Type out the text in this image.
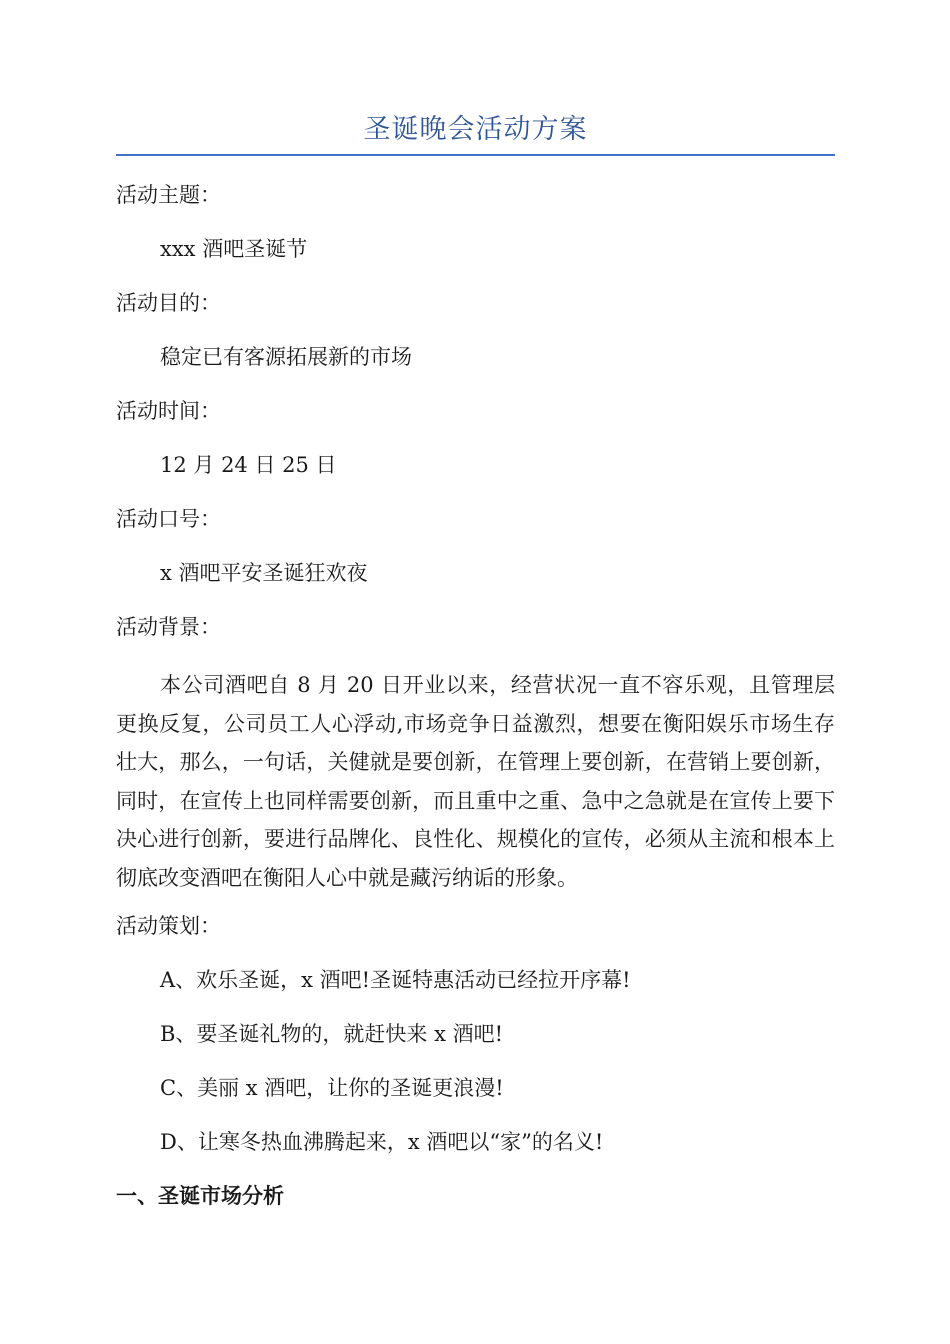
圣诞晚会活动方案
活动主题：
xxx 酒吧圣诞节
活动目的：
稳定已有客源拓展新的市场
活动时间：
12 月 24 日 25 日
活动口号：
x 酒吧平安圣诞狂欢夜
活动背景：
本公司酒吧自 8 月 20 日开业以来，经营状况一直不容乐观，且管理层更换反复，公司员工人心浮动,市场竞争日益激烈，想要在衡阳娱乐市场生存壮大，那么，一句话，关健就是要创新，在管理上要创新，在营销上要创新，同时，在宣传上也同样需要创新，而且重中之重、急中之急就是在宣传上要下决心进行创新，要进行品牌化、良性化、规模化的宣传，必须从主流和根本上彻底改变酒吧在衡阳人心中就是藏污纳诟的形象。
活动策划：
A、欢乐圣诞，x 酒吧!圣诞特惠活动已经拉开序幕!
B、要圣诞礼物的，就赶快来 x 酒吧!
C、美丽 x 酒吧，让你的圣诞更浪漫!
D、让寒冬热血沸腾起来，x 酒吧以“家”的名义!
一、圣诞市场分析
